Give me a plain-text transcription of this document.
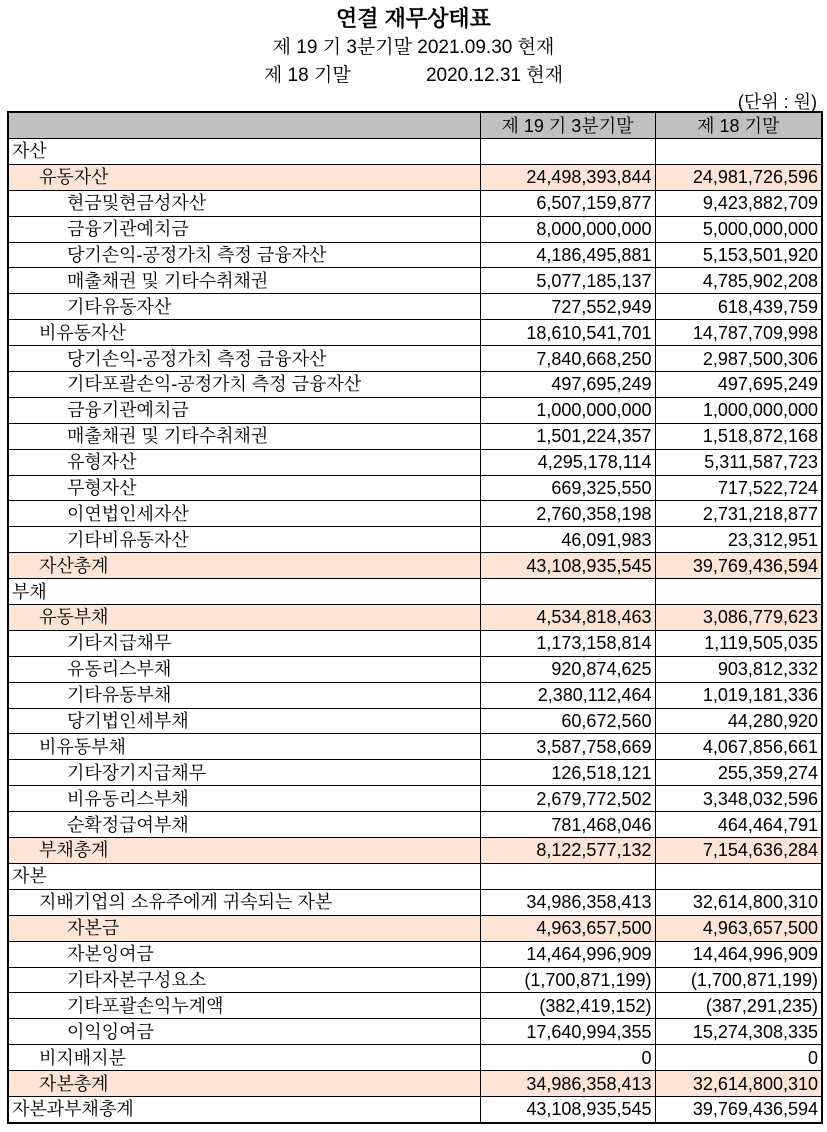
연결 재무상태표
제 19 기 3분기말 2021.09.30 현재
제 18 기말	2020.12.31 현재
(단위 : 원)
	제 19 기 3분기말	제 18 기말
자산		
유동자산	24,498,393,844	24,981,726,596
현금및현금성자산	6,507,159,877	9,423,882,709
금융기관예치금	8,000,000,000	5,000,000,000
당기손익-공정가치 측정 금융자산	4,186,495,881	5,153,501,920
매출채권 및 기타수취채권	5,077,185,137	4,785,902,208
기타유동자산	727,552,949	618,439,759
비유동자산	18,610,541,701	14,787,709,998
당기손익-공정가치 측정 금융자산	7,840,668,250	2,987,500,306
기타포괄손익-공정가치 측정 금융자산	497,695,249	497,695,249
금융기관예치금	1,000,000,000	1,000,000,000
매출채권 및 기타수취채권	1,501,224,357	1,518,872,168
유형자산	4,295,178,114	5,311,587,723
무형자산	669,325,550	717,522,724
이연법인세자산	2,760,358,198	2,731,218,877
기타비유동자산	46,091,983	23,312,951
자산총계	43,108,935,545	39,769,436,594
부채		
유동부채	4,534,818,463	3,086,779,623
기타지급채무	1,173,158,814	1,119,505,035
유동리스부채	920,874,625	903,812,332
기타유동부채	2,380,112,464	1,019,181,336
당기법인세부채	60,672,560	44,280,920
비유동부채	3,587,758,669	4,067,856,661
기타장기지급채무	126,518,121	255,359,274
비유동리스부채	2,679,772,502	3,348,032,596
순확정급여부채	781,468,046	464,464,791
부채총계	8,122,577,132	7,154,636,284
자본		
지배기업의 소유주에게 귀속되는 자본	34,986,358,413	32,614,800,310
자본금	4,963,657,500	4,963,657,500
자본잉여금	14,464,996,909	14,464,996,909
기타자본구성요소	(1,700,871,199)	(1,700,871,199)
기타포괄손익누계액	(382,419,152)	(387,291,235)
이익잉여금	17,640,994,355	15,274,308,335
비지배지분	0	0
자본총계	34,986,358,413	32,614,800,310
자본과부채총계	43,108,935,545	39,769,436,594
